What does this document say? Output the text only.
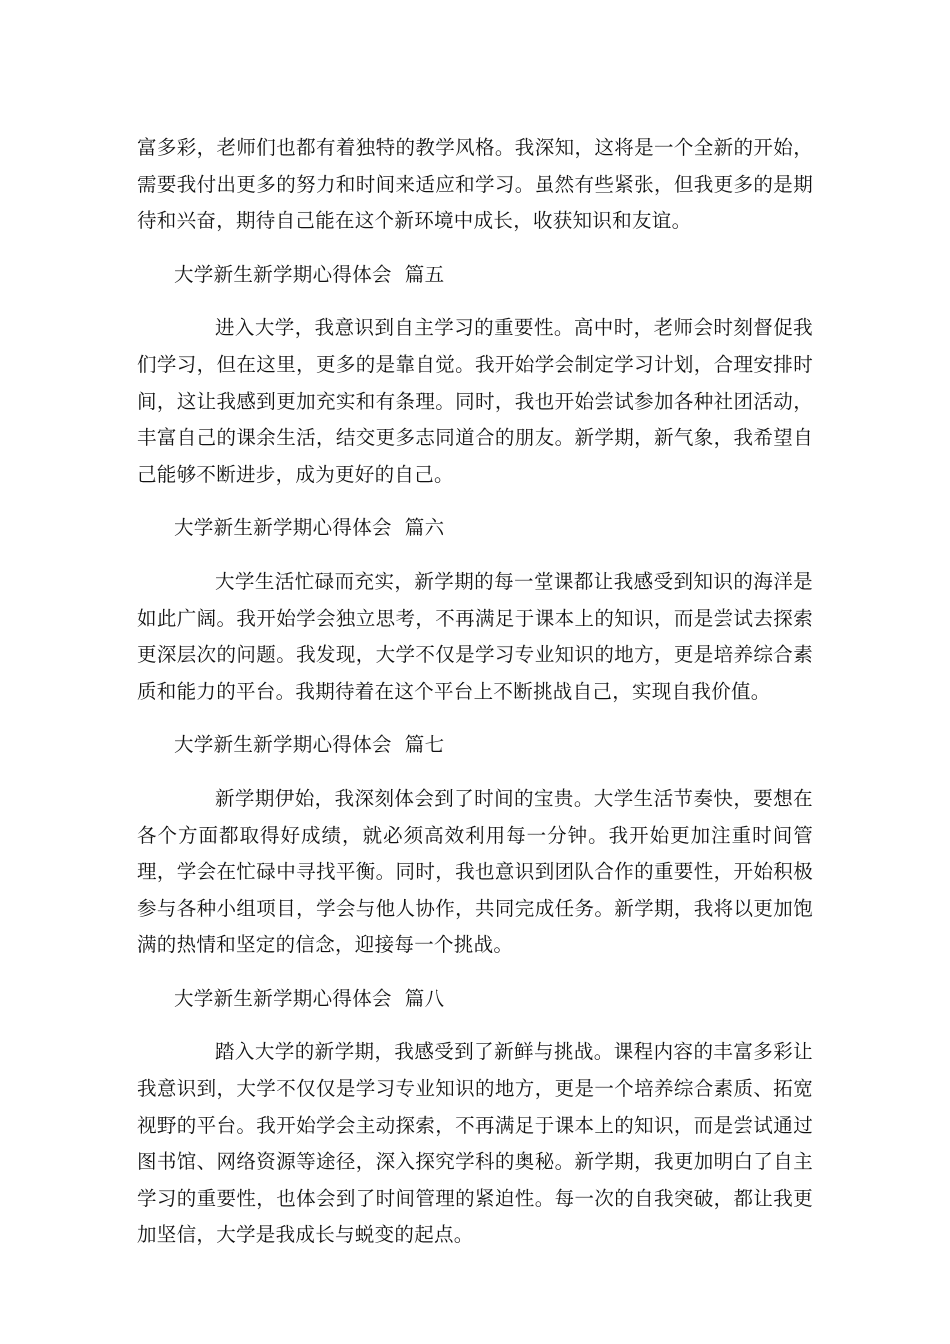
富多彩，老师们也都有着独特的教学风格。我深知，这将是一个全新的开始，需要我付出更多的努力和时间来适应和学习。虽然有些紧张，但我更多的是期待和兴奋，期待自己能在这个新环境中成长，收获知识和友谊。

大学新生新学期心得体会  篇五

进入大学，我意识到自主学习的重要性。高中时，老师会时刻督促我们学习，但在这里，更多的是靠自觉。我开始学会制定学习计划，合理安排时间，这让我感到更加充实和有条理。同时，我也开始尝试参加各种社团活动，丰富自己的课余生活，结交更多志同道合的朋友。新学期，新气象，我希望自己能够不断进步，成为更好的自己。

大学新生新学期心得体会  篇六

大学生活忙碌而充实，新学期的每一堂课都让我感受到知识的海洋是如此广阔。我开始学会独立思考，不再满足于课本上的知识，而是尝试去探索更深层次的问题。我发现，大学不仅是学习专业知识的地方，更是培养综合素质和能力的平台。我期待着在这个平台上不断挑战自己，实现自我价值。

大学新生新学期心得体会  篇七

新学期伊始，我深刻体会到了时间的宝贵。大学生活节奏快，要想在各个方面都取得好成绩，就必须高效利用每一分钟。我开始更加注重时间管理，学会在忙碌中寻找平衡。同时，我也意识到团队合作的重要性，开始积极参与各种小组项目，学会与他人协作，共同完成任务。新学期，我将以更加饱满的热情和坚定的信念，迎接每一个挑战。

大学新生新学期心得体会  篇八

踏入大学的新学期，我感受到了新鲜与挑战。课程内容的丰富多彩让我意识到，大学不仅仅是学习专业知识的地方，更是一个培养综合素质、拓宽视野的平台。我开始学会主动探索，不再满足于课本上的知识，而是尝试通过图书馆、网络资源等途径，深入探究学科的奥秘。新学期，我更加明白了自主学习的重要性，也体会到了时间管理的紧迫性。每一次的自我突破，都让我更加坚信，大学是我成长与蜕变的起点。
